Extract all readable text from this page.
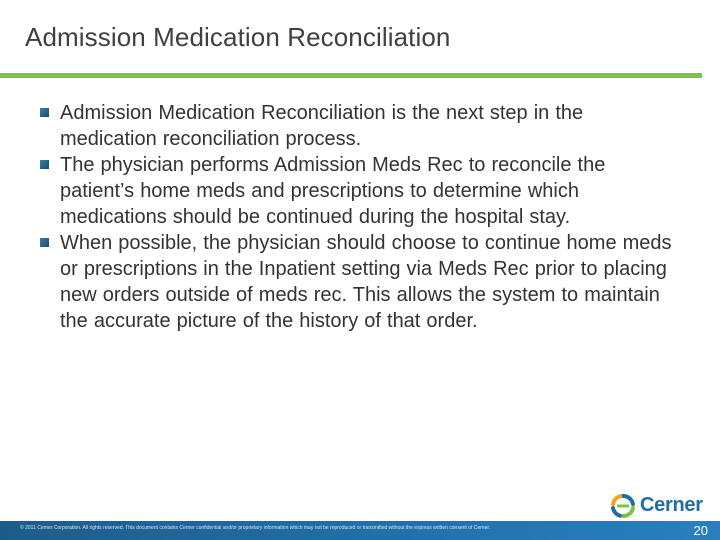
Admission Medication Reconciliation
Admission Medication Reconciliation is the next step in the medication reconciliation process.
The physician performs Admission Meds Rec to reconcile the patient’s home meds and prescriptions to determine which medications should be continued during the hospital stay.
When possible, the physician should choose to continue home meds or prescriptions in the Inpatient setting via Meds Rec prior to placing new orders outside of meds rec. This allows the system to maintain the accurate picture of the history of that order.
Cerner
© 2011 Cerner Corporation. All rights reserved. This document contains Cerner confidential and/or proprietary information which may not be reproduced or transmitted without the express written consent of Cerner.	20
